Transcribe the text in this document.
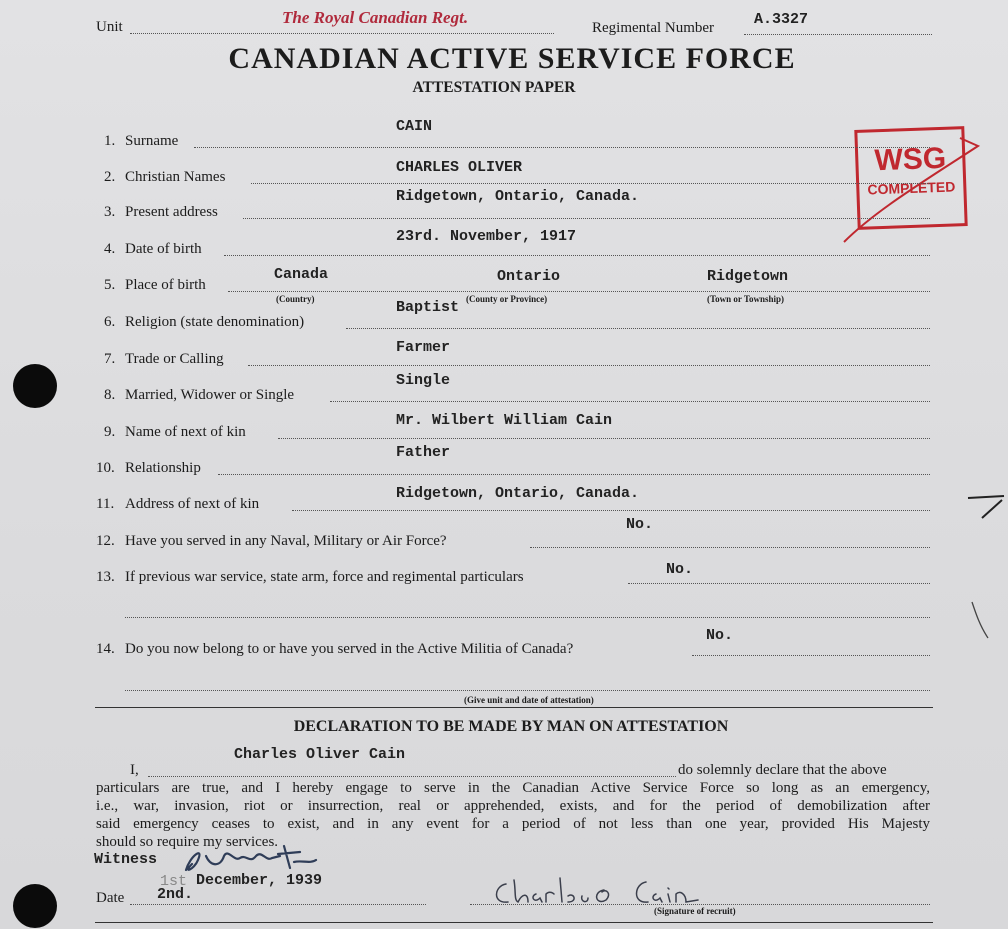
Unit	The Royal Canadian Regt.
Regimental Number	A.3327
CANADIAN ACTIVE SERVICE FORCE
ATTESTATION PAPER
WSG
COMPLETED
1. Surname
CAIN
2. Christian Names
CHARLES OLIVER
3. Present address
Ridgetown, Ontario, Canada.
4. Date of birth
23rd. November, 1917
5. Place of birth
Canada	Ontario	Ridgetown
(Country)	(County or Province)	(Town or Township)
6. Religion (state denomination)
Baptist
7. Trade or Calling
Farmer
8. Married, Widower or Single
Single
9. Name of next of kin
Mr. Wilbert William Cain
10. Relationship
Father
11. Address of next of kin
Ridgetown, Ontario, Canada.
12. Have you served in any Naval, Military or Air Force?
No.
13. If previous war service, state arm, force and regimental particulars	No.
14. Do you now belong to or have you served in the Active Militia of Canada?
No.
(Give unit and date of attestation)
DECLARATION TO BE MADE BY MAN ON ATTESTATION
Charles Oliver Cain
I,	do solemnly declare that the above
particulars are true, and I hereby engage to serve in the Canadian Active Service Force so long as an emergency,
i.e., war, invasion, riot or insurrection, real or apprehended, exists, and for the period of demobilization after
said emergency ceases to exist, and in any event for a period of not less than one year, provided His Majesty
should so require my services.
Witness
Date
1st
2nd.
December, 1939
(Signature of recruit)
